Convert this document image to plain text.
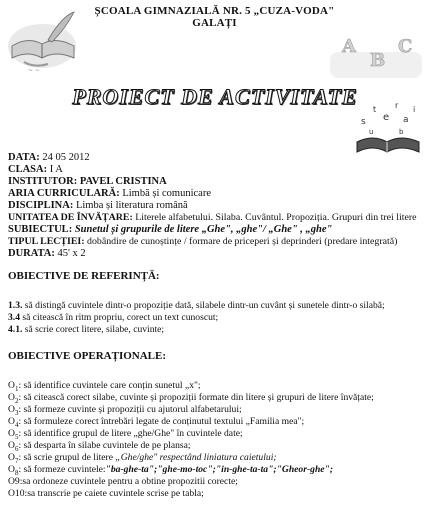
~ ~
ȘCOALA GIMNAZIALĂ NR. 5 „CUZA-VODA"
GALAȚI
A
B
C
PROIECT DE ACTIVITATE
s
t
e
r
a
i
u	b
DATA: 24 05 2012
CLASA: I A
INSTITUTOR: PAVEL CRISTINA
ARIA CURRICULARĂ: Limbă și comunicare
DISCIPLINA: Limba și literatura română
UNITATEA DE ÎNVĂȚARE: Literele alfabetului. Silaba. Cuvântul. Propoziția. Grupuri din trei litere
SUBIECTUL: Sunetul și grupurile de litere „Ghe", „ghe"/ „Ghe" , „ghe"
TIPUL LECȚIEI: dobândire de cunoștințe / formare de priceperi și deprinderi (predare integrată)
DURATA: 45' x 2
OBIECTIVE DE REFERINȚĂ:
1.3. să distingă cuvintele dintr-o propoziție dată, silabele dintr-un cuvânt și sunetele dintr-o silabă;
3.4 să citească în ritm propriu, corect un text cunoscut;
4.1. să scrie corect litere, silabe, cuvinte;
OBIECTIVE OPERAȚIONALE:
$O_1$: să identifice cuvintele care conțin sunetul „x";
$O_2$: să citească corect silabe, cuvinte și propoziții formate din litere și grupuri de litere învățate;
$O_3$: să formeze cuvinte și propoziții cu ajutorul alfabetarului;
$O_4$: să formuleze corect întrebări legate de conținutul textului „Familia mea";
$O_5$: să identifice grupul de litere „ghe/Ghe" în cuvintele date;
$O_6$: să desparta în silabe cuvintele de pe plansa;
$O_7$: să scrie grupul de litere „Ghe/ghe" respectând liniatura caietului;
$O_8$: să formeze cuvintele:"ba-ghe-ta";"ghe-mo-toc";"in-ghe-ta-ta";"Gheor-ghe";
O9:sa ordoneze cuvintele pentru a obtine propozitii corecte;
O10:sa transcrie pe caiete cuvintele scrise pe tabla;
